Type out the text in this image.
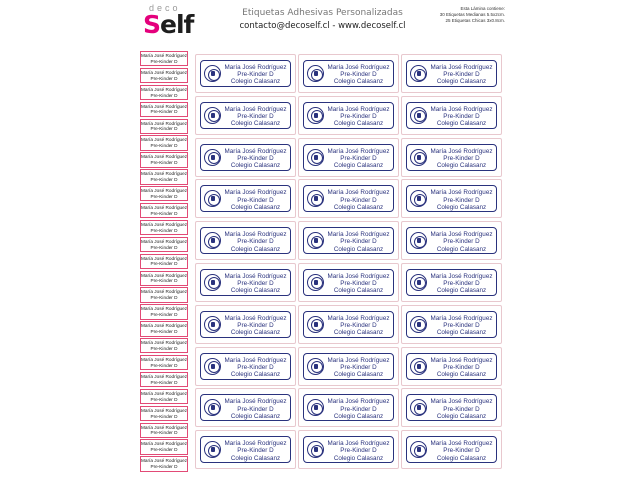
deco
Self	Etiquetas Adhesivas Personalizadas
contacto@decoself.cl - www.decoself.cl
Esta Lámina contiene:
30 Etiquetas Medianas 5.5x2cm.
25 Etiquetas Chicas 3x0.8cm.
María José Rodríguez
Pre-Kinder D
María José Rodríguez
Pre-Kinder D
María José Rodríguez
Pre-Kinder D
María José Rodríguez
Pre-Kinder D
María José Rodríguez
Pre-Kinder D
María José Rodríguez
Pre-Kinder D
María José Rodríguez
Pre-Kinder D
María José Rodríguez
Pre-Kinder D
María José Rodríguez
Pre-Kinder D
María José Rodríguez
Pre-Kinder D
María José Rodríguez
Pre-Kinder D
María José Rodríguez
Pre-Kinder D
María José Rodríguez
Pre-Kinder D
María José Rodríguez
Pre-Kinder D
María José Rodríguez
Pre-Kinder D
María José Rodríguez
Pre-Kinder D
María José Rodríguez
Pre-Kinder D
María José Rodríguez
Pre-Kinder D
María José Rodríguez
Pre-Kinder D
María José Rodríguez
Pre-Kinder D
María José Rodríguez
Pre-Kinder D
María José Rodríguez
Pre-Kinder D
María José Rodríguez
Pre-Kinder D
María José Rodríguez
Pre-Kinder D
María José Rodríguez
Pre-Kinder D
María José Rodríguez
Pre-Kinder D
Colegio Calasanz
María José Rodríguez
Pre-Kinder D
Colegio Calasanz
María José Rodríguez
Pre-Kinder D
Colegio Calasanz
María José Rodríguez
Pre-Kinder D
Colegio Calasanz
María José Rodríguez
Pre-Kinder D
Colegio Calasanz
María José Rodríguez
Pre-Kinder D
Colegio Calasanz
María José Rodríguez
Pre-Kinder D
Colegio Calasanz
María José Rodríguez
Pre-Kinder D
Colegio Calasanz
María José Rodríguez
Pre-Kinder D
Colegio Calasanz
María José Rodríguez
Pre-Kinder D
Colegio Calasanz
María José Rodríguez
Pre-Kinder D
Colegio Calasanz
María José Rodríguez
Pre-Kinder D
Colegio Calasanz
María José Rodríguez
Pre-Kinder D
Colegio Calasanz
María José Rodríguez
Pre-Kinder D
Colegio Calasanz
María José Rodríguez
Pre-Kinder D
Colegio Calasanz
María José Rodríguez
Pre-Kinder D
Colegio Calasanz
María José Rodríguez
Pre-Kinder D
Colegio Calasanz
María José Rodríguez
Pre-Kinder D
Colegio Calasanz
María José Rodríguez
Pre-Kinder D
Colegio Calasanz
María José Rodríguez
Pre-Kinder D
Colegio Calasanz
María José Rodríguez
Pre-Kinder D
Colegio Calasanz
María José Rodríguez
Pre-Kinder D
Colegio Calasanz
María José Rodríguez
Pre-Kinder D
Colegio Calasanz
María José Rodríguez
Pre-Kinder D
Colegio Calasanz
María José Rodríguez
Pre-Kinder D
Colegio Calasanz
María José Rodríguez
Pre-Kinder D
Colegio Calasanz
María José Rodríguez
Pre-Kinder D
Colegio Calasanz
María José Rodríguez
Pre-Kinder D
Colegio Calasanz
María José Rodríguez
Pre-Kinder D
Colegio Calasanz
María José Rodríguez
Pre-Kinder D
Colegio Calasanz
